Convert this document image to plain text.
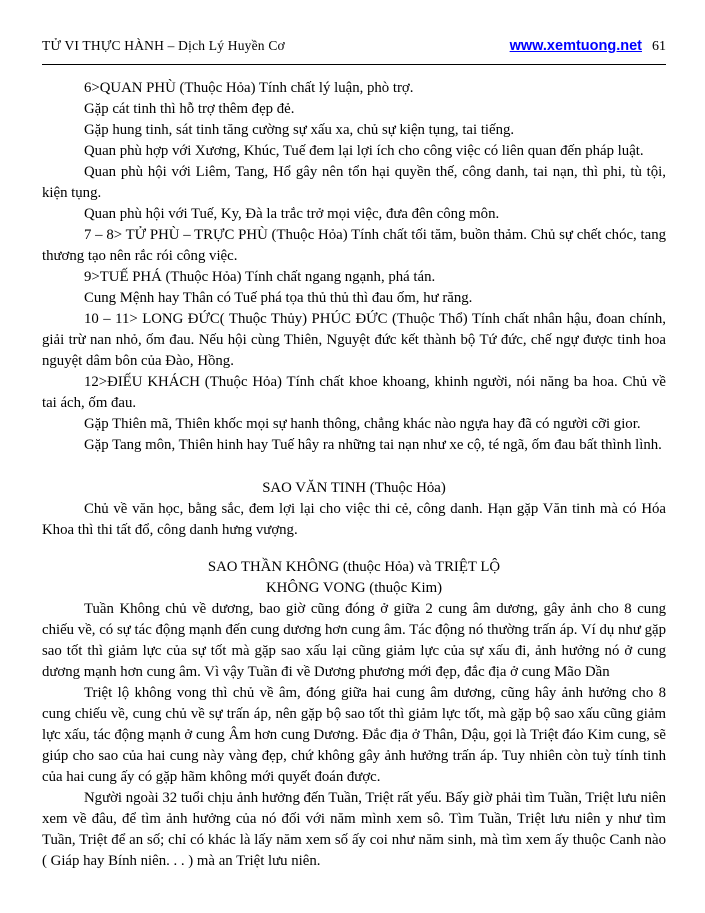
TỬ VI THỰC HÀNH – Dịch Lý Huyền Cơ	www.xemtuong.net 61

6>QUAN PHÙ (Thuộc Hỏa) Tính chất lý luận, phò trợ.

Gặp cát tinh thì hỗ trợ thêm đẹp đẻ.

Gặp hung tinh, sát tinh tăng cường sự xấu xa, chủ sự kiện tụng, tai tiếng.

Quan phù hợp với Xương, Khúc, Tuế đem lại lợi ích cho công việc có liên quan đến pháp luật.

Quan phù hội với Liêm, Tang, Hổ gây nên tổn hại quyền thế, công danh, tai nạn, thì phi, tù tội, kiện tụng.

Quan phù hội với Tuế, Ky, Đà la trắc trở mọi việc, đưa đên công môn.

7 – 8> TỬ PHÙ – TRỰC PHÙ (Thuộc Hỏa) Tính chất tối tăm, buồn thảm. Chủ sự chết chóc, tang thương tạo nên rắc rói công việc.

9>TUẾ PHÁ (Thuộc Hỏa) Tính chất ngang ngạnh, phá tán.

Cung Mệnh hay Thân có Tuế phá tọa thủ thủ thì đau ốm, hư răng.

10 – 11> LONG ĐỨC( Thuộc Thủy) PHÚC ĐỨC (Thuộc Thổ) Tính chất nhân hậu, đoan chính, giải trừ nan nhỏ, ốm đau. Nếu hội cùng Thiên, Nguyệt đức kết thành bộ Tứ đức, chế ngự được tinh hoa nguyệt dâm bôn của Đào, Hồng.

12>ĐIẾU KHÁCH (Thuộc Hỏa) Tính chất khoe khoang, khinh người, nói năng ba hoa. Chủ về tai ách, ốm đau.

Gặp Thiên mã, Thiên khốc mọi sự hanh thông, chẳng khác nào ngựa hay đã có người cỡi gior.

Gặp Tang môn, Thiên hinh hay Tuế hây ra những tai nạn như xe cộ, té ngã, ốm đau bất thình lình.

SAO VĂN TINH (Thuộc Hỏa)

Chủ về văn học, bằng sắc, đem lợi lại cho việc thi cẻ, công danh. Hạn gặp Văn tinh mà có Hóa Khoa thì thi tất đổ, công danh hưng vượng.

SAO THẦN KHÔNG (thuộc Hỏa) và TRIỆT LỘ
KHÔNG VONG (thuộc Kim)

Tuần Không chủ về dương, bao giờ cũng đóng ở giữa 2 cung âm dương, gây ảnh cho 8 cung chiếu về, có sự tác động mạnh đến cung dương hơn cung âm. Tác động nó thường trấn áp. Ví dụ như gặp sao tốt thì giảm lực của sự tốt mà gặp sao xấu lại cũng giảm lực của sự xấu đi, ảnh hưởng nó ở cung dương mạnh hơn cung âm. Vì vậy Tuần đi về Dương phương mới đẹp, đắc địa ở cung Mão Dần

Triệt lộ không vong thì chủ về âm, đóng giữa hai cung âm dương, cũng hây ảnh hưởng cho 8 cung chiếu về, cung chủ về sự trấn áp, nên gặp bộ sao tốt thì giảm lực tốt, mà gặp bộ sao xấu cũng giảm lực xấu, tác động mạnh ở cung Âm hơn cung Dương. Đắc địa ở Thân, Dậu, gọi là Triệt đáo Kim cung, sẽ giúp cho sao của hai cung này vàng đẹp, chứ không gây ảnh hưởng trấn áp. Tuy nhiên còn tuỳ tính tinh của hai cung ấy có gặp hãm không mới quyết đoán được.

Người ngoài 32 tuổi chịu ảnh hưởng đến Tuần, Triệt rất yếu. Bấy giờ phải tìm Tuần, Triệt lưu niên xem về đâu, để tìm ảnh hưởng của nó đối với năm mình xem sô. Tìm Tuần, Triệt lưu niên y như tìm Tuần, Triệt để an số; chỉ có khác là lấy năm xem số ấy coi như năm sinh, mà tìm xem ấy thuộc Canh nào ( Giáp hay Bính niên. . . ) mà an Triệt lưu niên.
